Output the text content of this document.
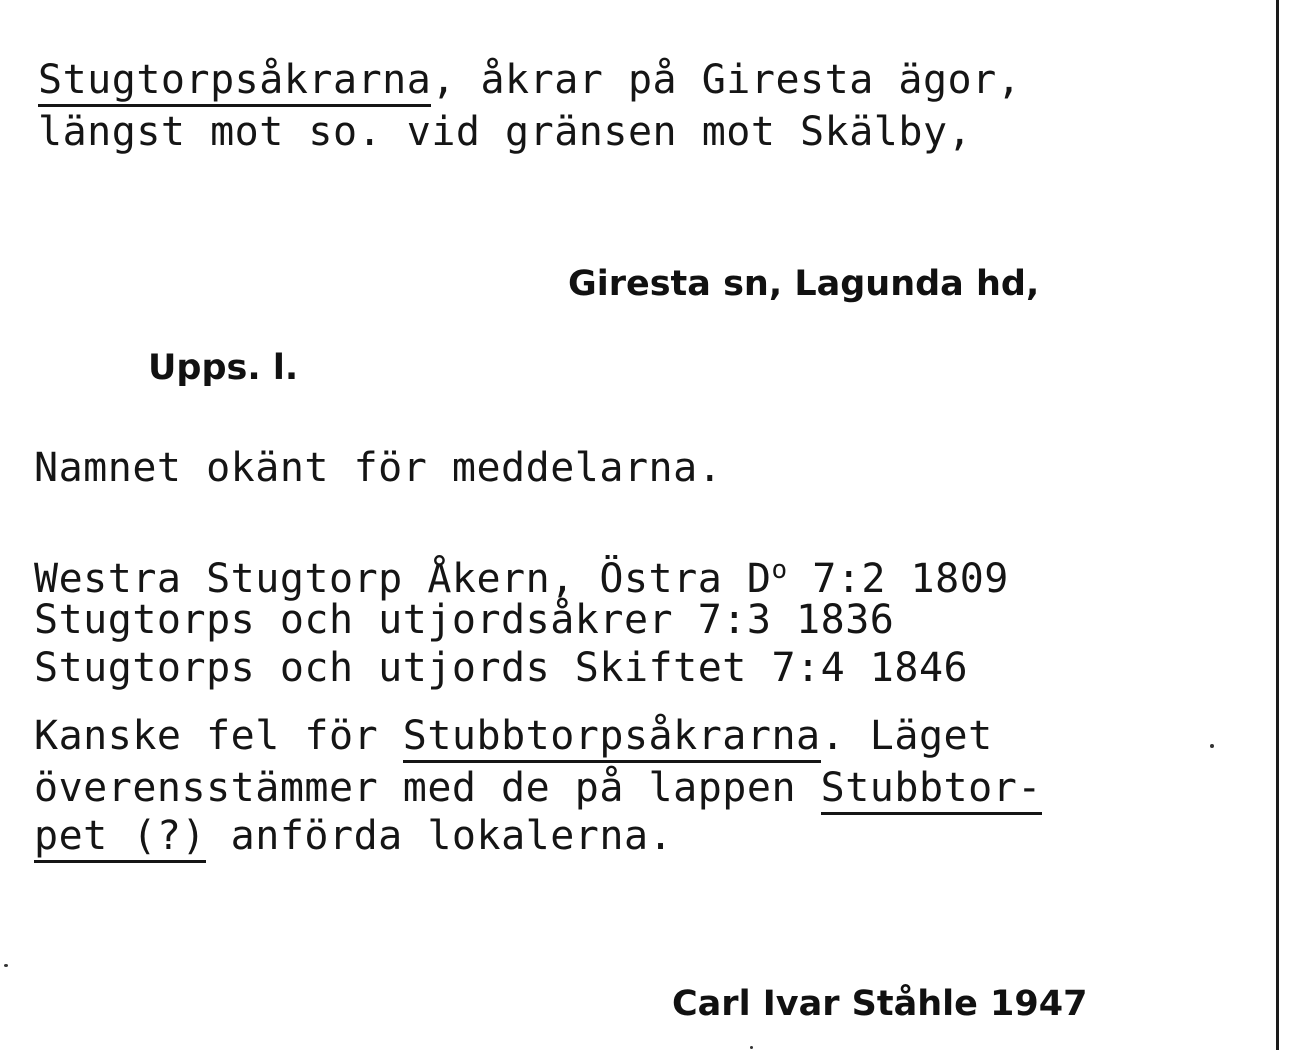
Stugtorpsåkrarna, åkrar på Giresta ägor,
längst mot so. vid gränsen mot Skälby,
Giresta sn, Lagunda hd,
Upps. l.
Namnet okänt för meddelarna.
Westra Stugtorp Åkern, Östra $D^o$ 7:2 1809
Stugtorps och utjordsåkrer 7:3 1836
Stugtorps och utjords Skiftet 7:4 1846
Kanske fel för Stubbtorpsåkrarna. Läget
överensstämmer med de på lappen Stubbtor-
pet (?) anförda lokalerna.
Carl Ivar Ståhle 1947
